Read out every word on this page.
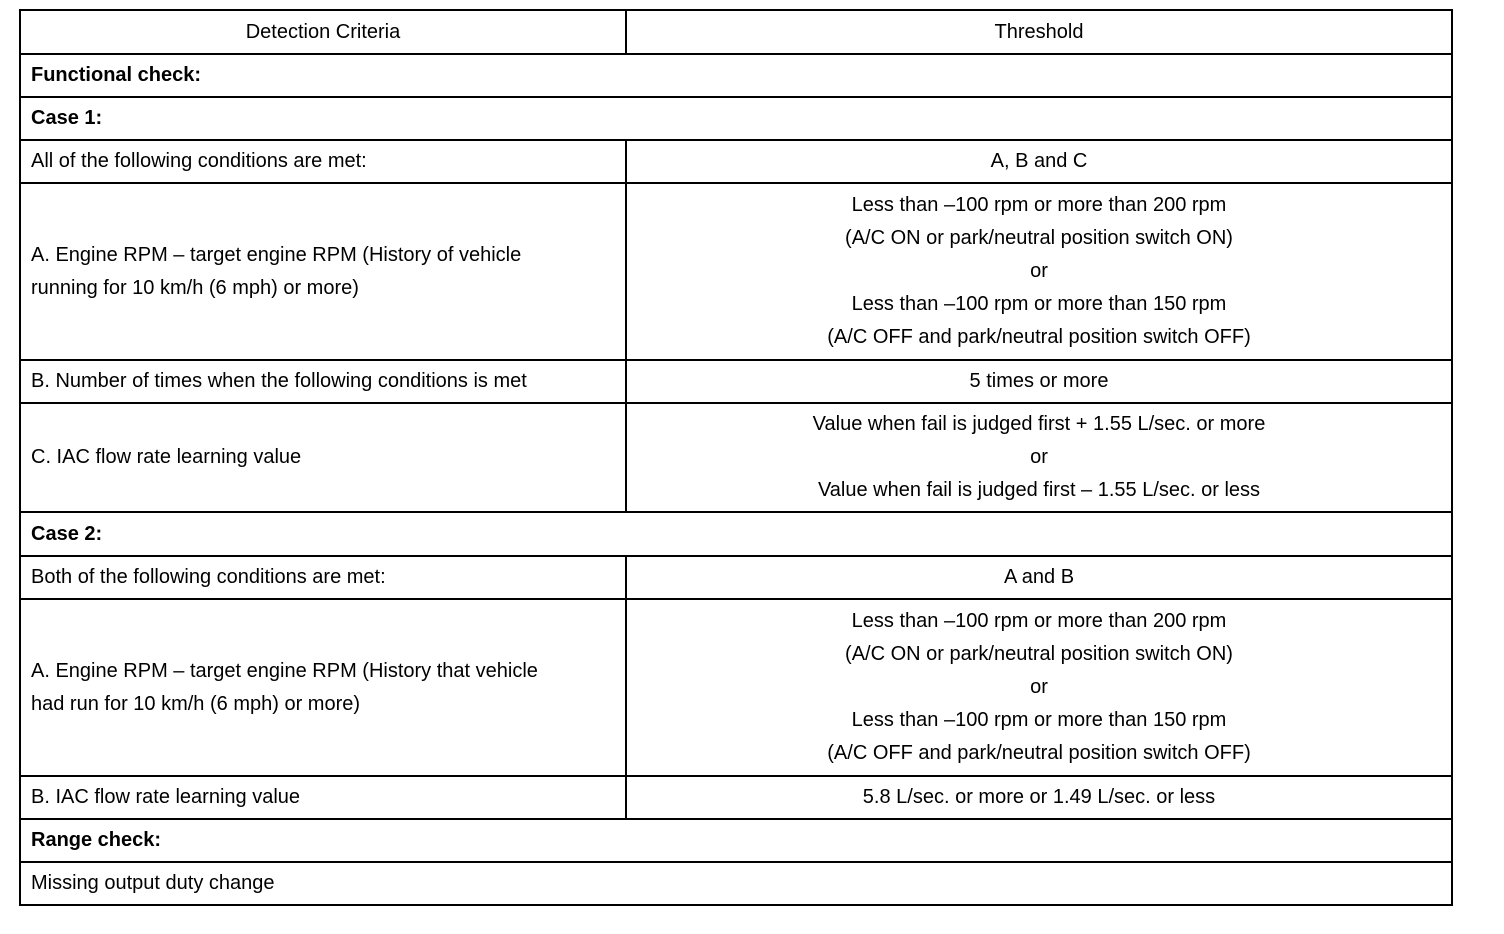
Detection Criteria	Threshold
Functional check:	
Case 1:	
All of the following conditions are met:	A, B and C

A. Engine RPM – target engine RPM (History of vehicle
running for 10 km/h (6 mph) or more)	Less than –100 rpm or more than 200 rpm
(A/C ON or park/neutral position switch ON)
or
Less than –100 rpm or more than 150 rpm
(A/C OFF and park/neutral position switch OFF)

B. Number of times when the following conditions is met	5 times or more
C. IAC flow rate learning value	Value when fail is judged first + 1.55 L/sec. or more
or
Value when fail is judged first – 1.55 L/sec. or less

Case 2:	
Both of the following conditions are met:	A and B

A. Engine RPM – target engine RPM (History that vehicle
had run for 10 km/h (6 mph) or more)	Less than –100 rpm or more than 200 rpm
(A/C ON or park/neutral position switch ON)
or
Less than –100 rpm or more than 150 rpm
(A/C OFF and park/neutral position switch OFF)

B. IAC flow rate learning value	5.8 L/sec. or more or 1.49 L/sec. or less
Range check:	
Missing output duty change	
